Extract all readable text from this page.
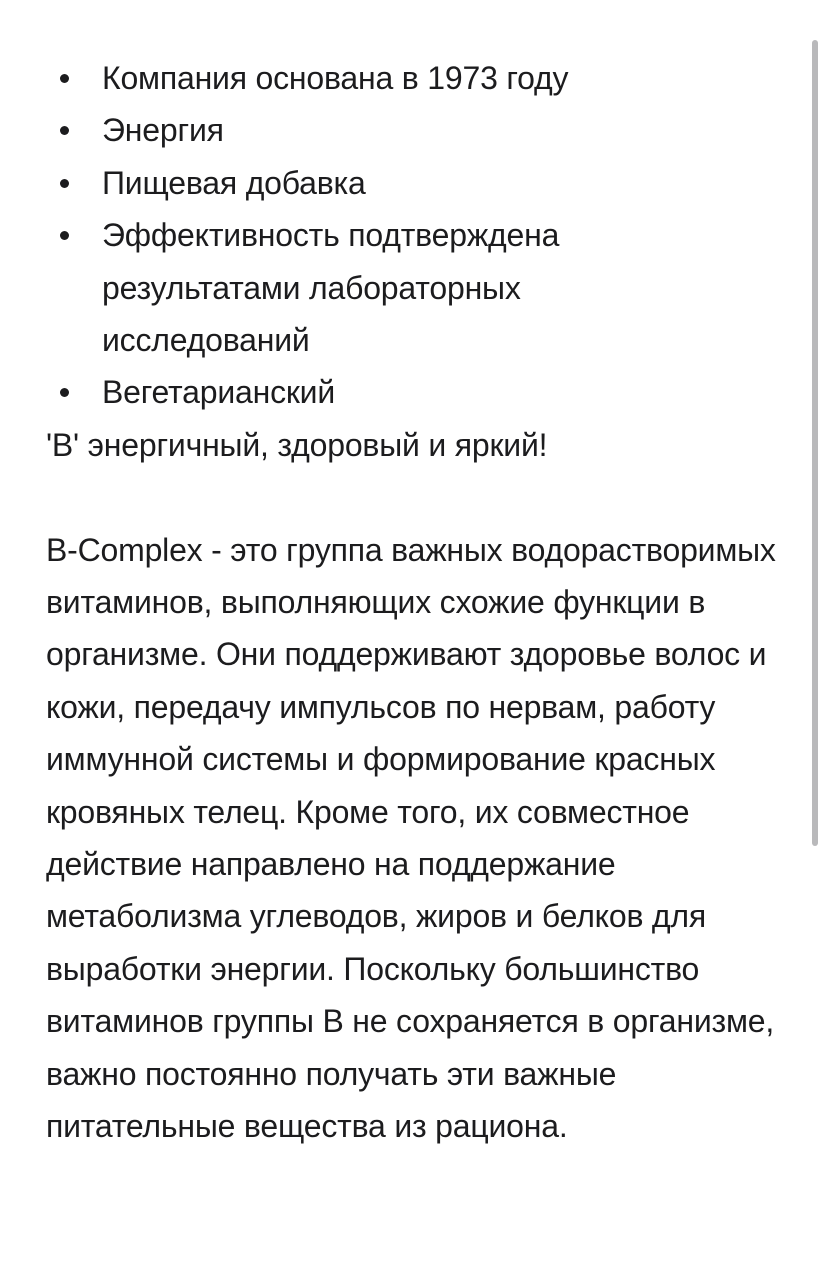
Компания основана в 1973 году
Энергия
Пищевая добавка
Эффективность подтверждена результатами лабораторных исследований
Вегетарианский

'B' энергичный, здоровый и яркий!

B-Complex - это группа важных водорастворимых витаминов, выполняющих схожие функции в организме. Они поддерживают здоровье волос и кожи, передачу импульсов по нервам, работу иммунной системы и формирование красных кровяных телец. Кроме того, их совместное действие направлено на поддержание метаболизма углеводов, жиров и белков для выработки энергии. Поскольку большинство витаминов группы B не сохраняется в организме, важно постоянно получать эти важные питательные вещества из рациона.
